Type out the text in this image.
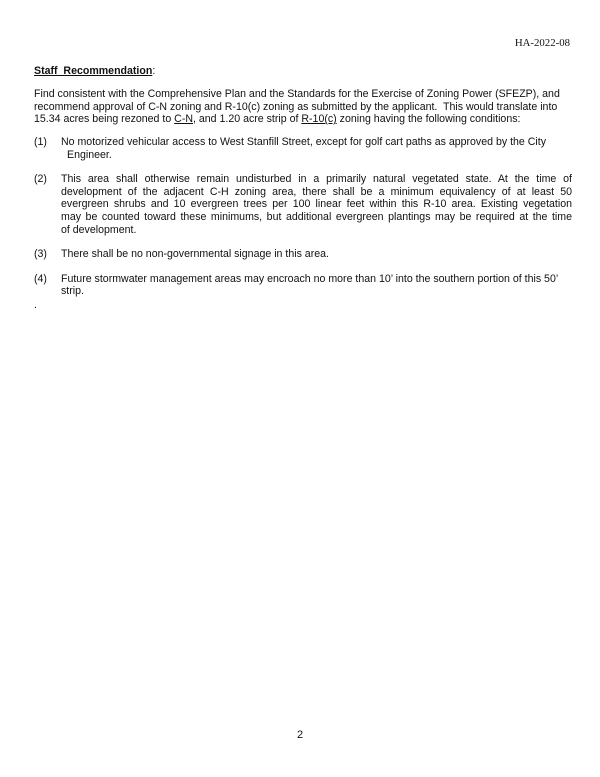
HA-2022-08
Staff  Recommendation:

Find consistent with the Comprehensive Plan and the Standards for the Exercise of Zoning Power (SFEZP), and

recommend approval of C-N zoning and R-10(c) zoning as submitted by the applicant.  This would translate into

15.34 acres being rezoned to C-N, and 1.20 acre strip of R-10(c) zoning having the following conditions:

(1) No motorized vehicular access to West Stanfill Street, except for golf cart paths as approved by the City
Engineer.
(2) This area shall otherwise remain undisturbed in a primarily natural vegetated state. At the time of
development of the adjacent C-H zoning area, there shall be a minimum equivalency of at least 50
evergreen shrubs and 10 evergreen trees per 100 linear feet within this R-10 area. Existing vegetation
may be counted toward these minimums, but additional evergreen plantings may be required at the time
of development.
(3) There shall be no non-governmental signage in this area.
(4) Future stormwater management areas may encroach no more than 10’ into the southern portion of this 50’
strip.
.
2
